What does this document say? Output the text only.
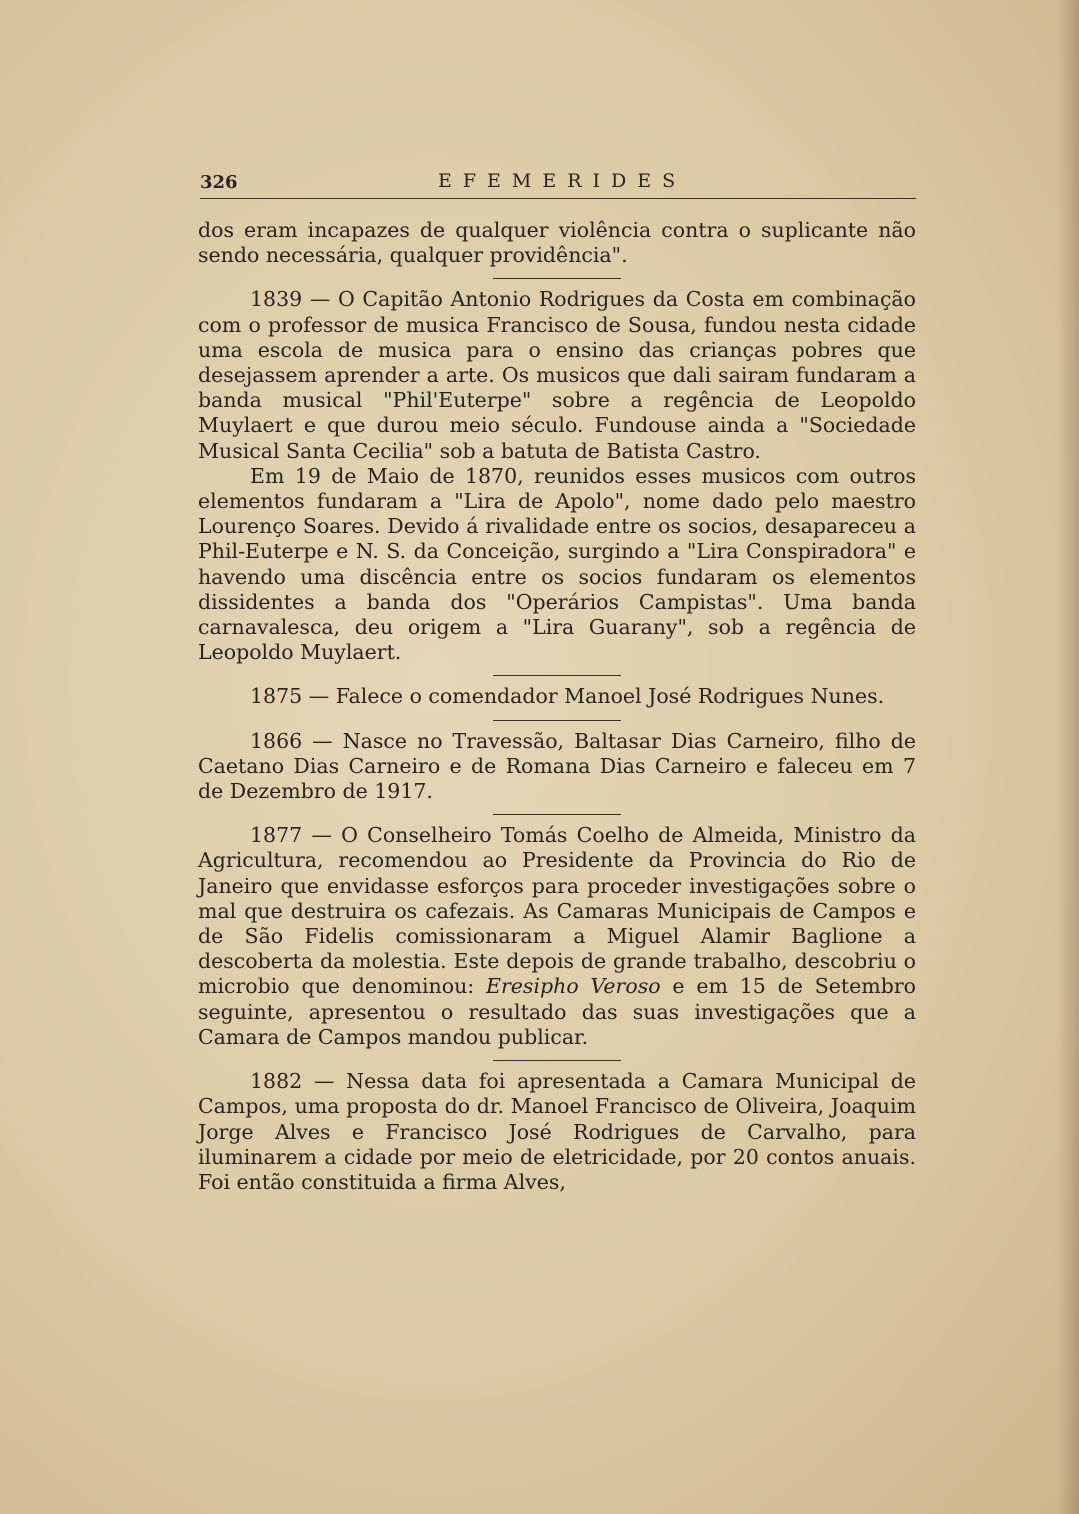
326	EFEMERIDES

dos eram incapazes de qualquer violência contra o suplicante não sendo necessária, qualquer providência".

1839 — O Capitão Antonio Rodrigues da Costa em combinação com o professor de musica Francisco de Sousa, fundou nesta cidade uma escola de musica para o ensino das crianças pobres que desejassem aprender a arte. Os musicos que dali sairam fundaram a banda musical "Phil'Euterpe" sobre a regência de Leopoldo Muylaert e que durou meio século. Fundouse ainda a "Sociedade Musical Santa Cecilia" sob a batuta de Batista Castro.

Em 19 de Maio de 1870, reunidos esses musicos com outros elementos fundaram a "Lira de Apolo", nome dado pelo maestro Lourenço Soares. Devido á rivalidade entre os socios, desapareceu a Phil-Euterpe e N. S. da Conceição, surgindo a "Lira Conspiradora" e havendo uma discência entre os socios fundaram os elementos dissidentes a banda dos "Operários Campistas". Uma banda carnavalesca, deu origem a "Lira Guarany", sob a regência de Leopoldo Muylaert.

1875 — Falece o comendador Manoel José Rodrigues Nunes.

1866 — Nasce no Travessão, Baltasar Dias Carneiro, filho de Caetano Dias Carneiro e de Romana Dias Carneiro e faleceu em 7 de Dezembro de 1917.

1877 — O Conselheiro Tomás Coelho de Almeida, Ministro da Agricultura, recomendou ao Presidente da Provincia do Rio de Janeiro que envidasse esforços para proceder investigações sobre o mal que destruira os cafezais. As Camaras Municipais de Campos e de São Fidelis comissionaram a Miguel Alamir Baglione a descoberta da molestia. Este depois de grande trabalho, descobriu o microbio que denominou: Eresipho Veroso e em 15 de Setembro seguinte, apresentou o resultado das suas investigações que a Camara de Campos mandou publicar.

1882 — Nessa data foi apresentada a Camara Municipal de Campos, uma proposta do dr. Manoel Francisco de Oliveira, Joaquim Jorge Alves e Francisco José Rodrigues de Carvalho, para iluminarem a cidade por meio de eletricidade, por 20 contos anuais. Foi então constituida a firma Alves,
